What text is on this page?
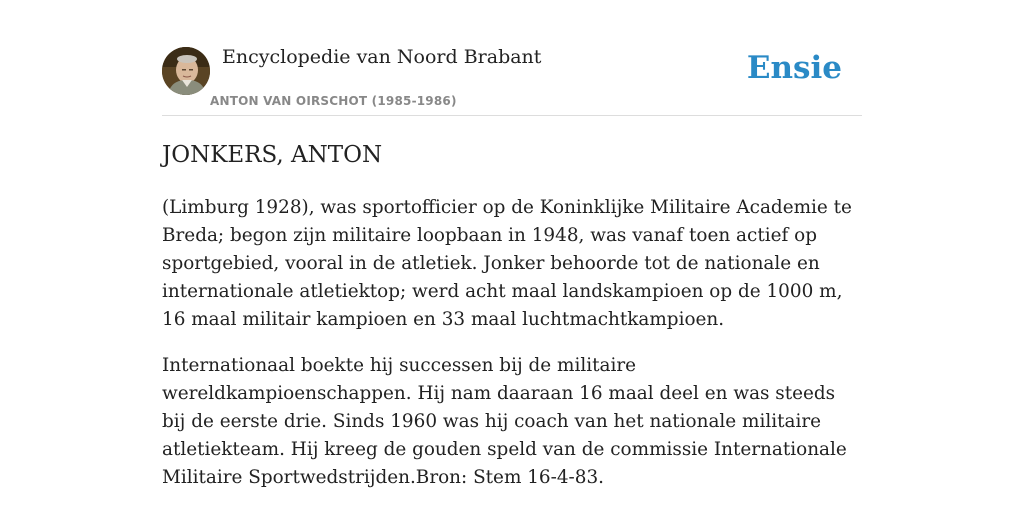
Encyclopedie van Noord Brabant
ANTON VAN OIRSCHOT (1985-1986)
Ensie
JONKERS, ANTON

(Limburg 1928), was sportofficier op de Koninklijke Militaire Academie te Breda; begon zijn militaire loopbaan in 1948, was vanaf toen actief op sportgebied, vooral in de atletiek. Jonker behoorde tot de nationale en internationale atletiektop; werd acht maal landskampioen op de 1000 m, 16 maal militair kampioen en 33 maal luchtmachtkampioen.

Internationaal boekte hij successen bij de militaire wereldkampioenschappen. Hij nam daaraan 16 maal deel en was steeds bij de eerste drie. Sinds 1960 was hij coach van het nationale militaire atletiekteam. Hij kreeg de gouden speld van de commissie Internationale Militaire Sportwedstrijden.Bron: Stem 16-4-83.
